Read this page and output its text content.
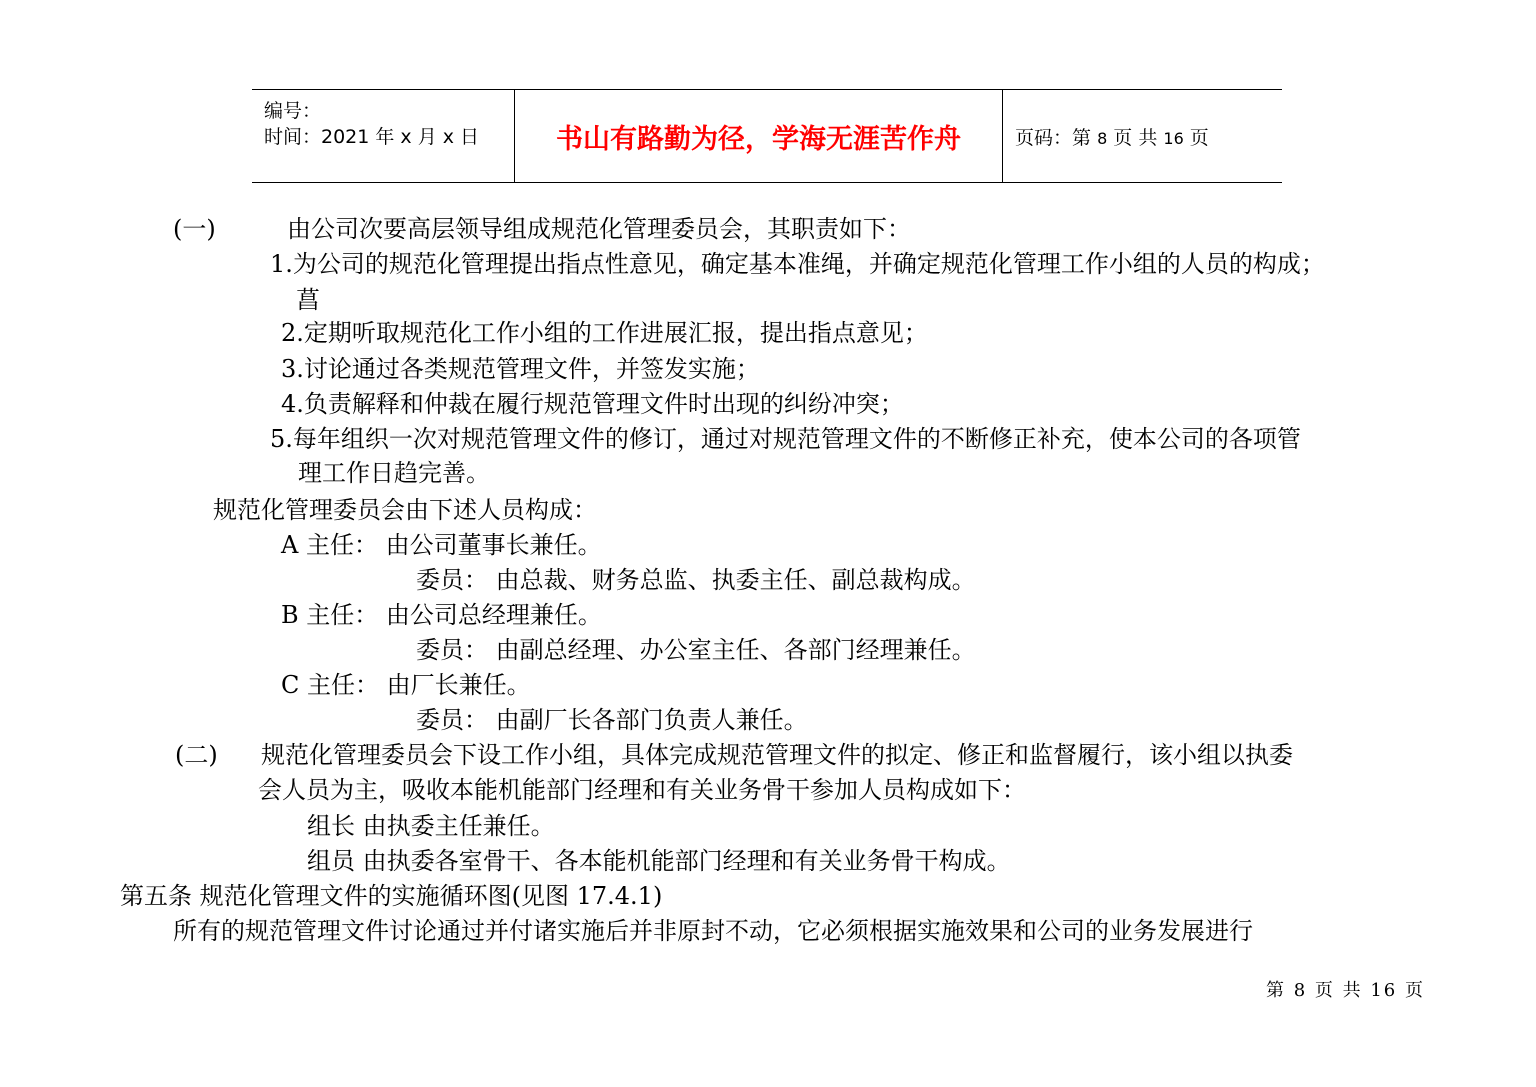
编号：
时间：2021 年 x 月 x 日	书山有路勤为径，学海无涯苦作舟	页码：第 8 页 共 16 页
(一)	由公司次要高层领导组成规范化管理委员会，其职责如下：
1.为公司的规范化管理提出指点性意见，确定基本准绳，并确定规范化管理工作小组的人员的构成；
菖
2.定期听取规范化工作小组的工作进展汇报，提出指点意见；
3.讨论通过各类规范管理文件，并签发实施；
4.负责解释和仲裁在履行规范管理文件时出现的纠纷冲突；
5.每年组织一次对规范管理文件的修订，通过对规范管理文件的不断修正补充，使本公司的各项管
理工作日趋完善。
规范化管理委员会由下述人员构成：
A 主任： 由公司董事长兼任。
委员： 由总裁、财务总监、执委主任、副总裁构成。
B 主任： 由公司总经理兼任。
委员： 由副总经理、办公室主任、各部门经理兼任。
C 主任： 由厂长兼任。
委员： 由副厂长各部门负责人兼任。
(二) 规范化管理委员会下设工作小组，具体完成规范管理文件的拟定、修正和监督履行，该小组以执委
会人员为主，吸收本能机能部门经理和有关业务骨干参加人员构成如下：
组长 由执委主任兼任。
组员 由执委各室骨干、各本能机能部门经理和有关业务骨干构成。
第五条 规范化管理文件的实施循环图(见图 17.4.1)
所有的规范管理文件讨论通过并付诸实施后并非原封不动，它必须根据实施效果和公司的业务发展进行
第 8 页 共 16 页
